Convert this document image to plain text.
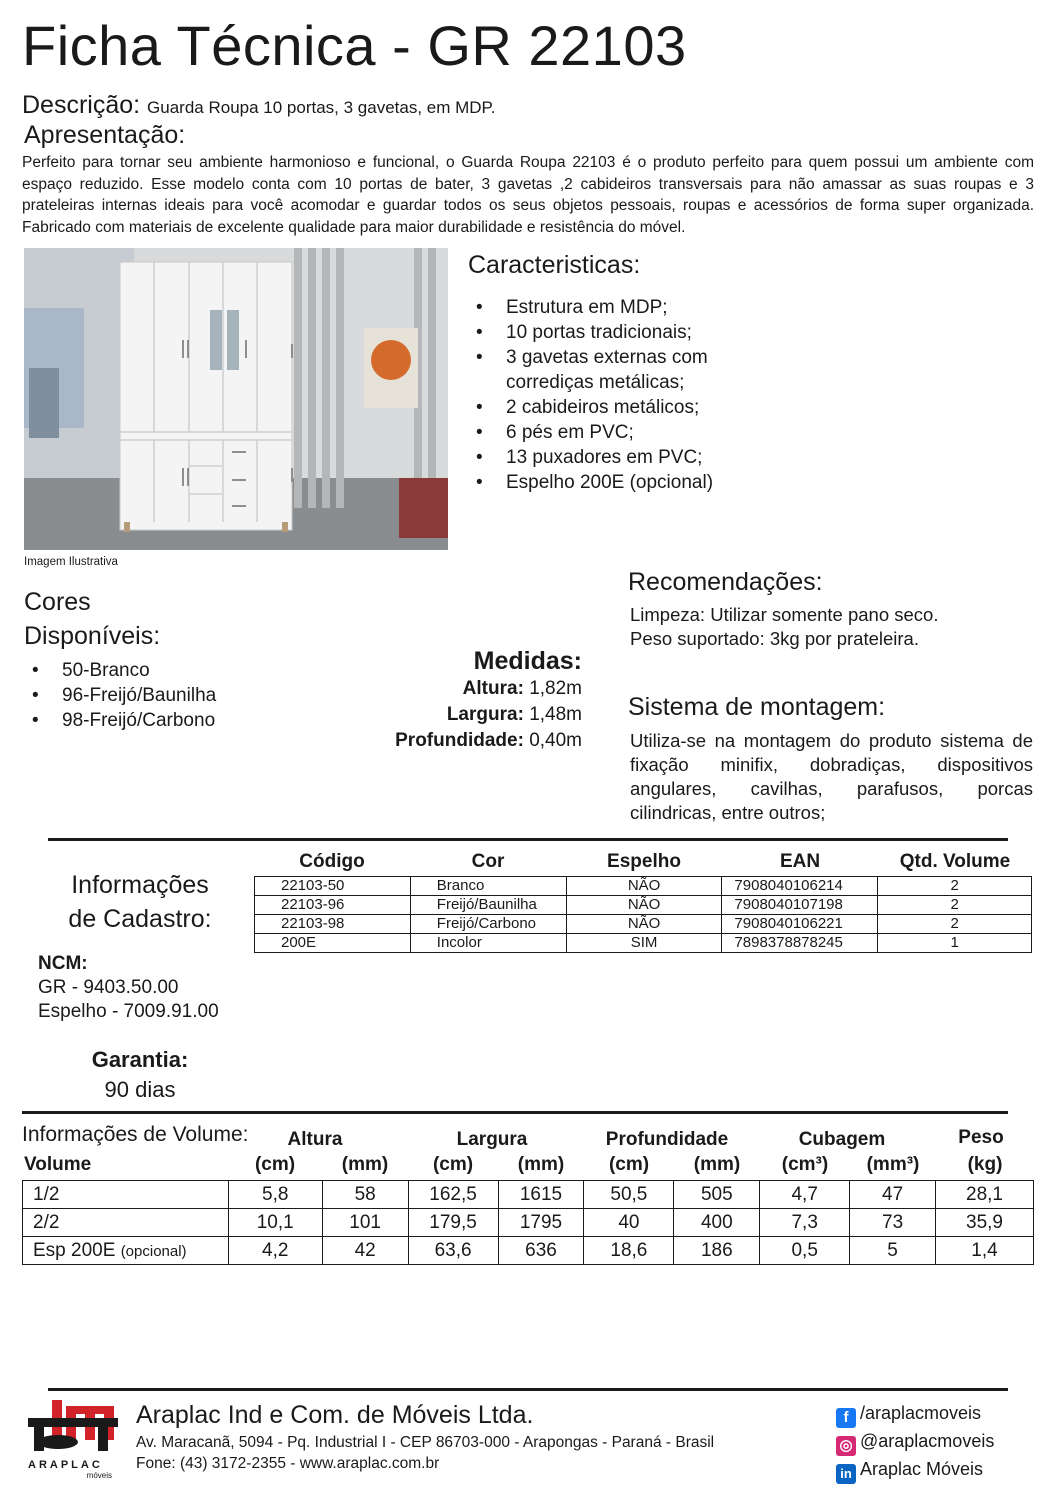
Ficha Técnica - GR 22103
Descrição: Guarda Roupa 10 portas, 3 gavetas, em MDP.
Apresentação:
Perfeito para tornar seu ambiente harmonioso e funcional, o Guarda Roupa 22103 é o produto perfeito para quem possui um ambiente com espaço reduzido. Esse modelo conta com 10 portas de bater, 3 gavetas ,2 cabideiros transversais para não amassar as suas roupas e 3 prateleiras internas ideais para você acomodar e guardar todos os seus objetos pessoais, roupas e acessórios de forma super organizada. Fabricado com materiais de excelente qualidade para maior durabilidade e resistência do móvel.
Imagem Ilustrativa
Caracteristicas:
• Estrutura em MDP;
• 10 portas tradicionais;
• 3 gavetas externas com corrediças metálicas;
• 2 cabideiros metálicos;
• 6 pés em PVC;
• 13 puxadores em PVC;
• Espelho 200E (opcional)
Cores
Disponíveis:
• 50-Branco
• 96-Freijó/Baunilha
• 98-Freijó/Carbono
Medidas:
Altura: 1,82m
Largura: 1,48m
Profundidade: 0,40m
Recomendações:
Limpeza: Utilizar somente pano seco.
Peso suportado: 3kg por prateleira.
Sistema de montagem:
Utiliza-se na montagem do produto sistema de fixação minifix, dobradiças, dispositivos angulares, cavilhas, parafusos, porcas cilindricas, entre outros;
Informações
de Cadastro:
Código	Cor	Espelho	EAN	Qtd. Volume
22103-50	Branco	NÃO	7908040106214	2
22103-96	Freijó/Baunilha	NÃO	7908040107198	2
22103-98	Freijó/Carbono	NÃO	7908040106221	2
200E	Incolor	SIM	7898378878245	1
NCM:
GR - 9403.50.00
Espelho - 7009.91.00
Garantia:
90 dias
Informações de Volume:
Volume
Altura	Largura	Profundidade	Cubagem	Peso
(cm)	(mm)	(cm)	(mm)	(cm)	(mm)	(cm³)	(mm³)	(kg)
1/2	5,8	58	162,5	1615	50,5	505	4,7	47	28,1
2/2	10,1	101	179,5	1795	40	400	7,3	73	35,9
Esp 200E (opcional)	4,2	42	63,6	636	18,6	186	0,5	5	1,4
ARAPLAC
móveis
Araplac Ind e Com. de Móveis Ltda.
Av. Maracanã, 5094 - Pq. Industrial I - CEP 86703-000 - Arapongas - Paraná - Brasil
Fone: (43) 3172-2355 - www.araplac.com.br
f /araplacmoveis
◎ @araplacmoveis
in Araplac Móveis
